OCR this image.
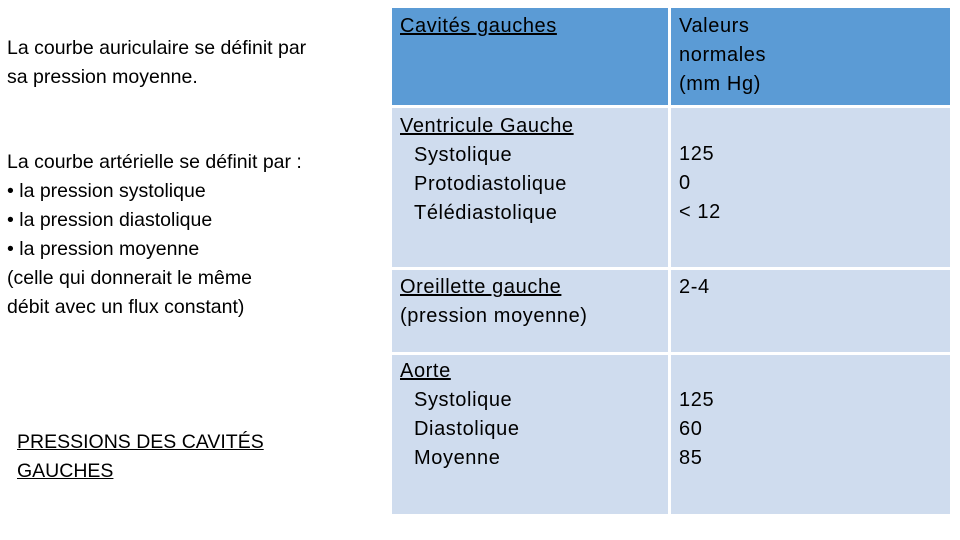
La courbe auriculaire se définit par
sa pression moyenne.
La courbe artérielle se définit par :
• la pression systolique
• la pression diastolique
• la pression moyenne
(celle qui donnerait le même
débit avec un flux constant)
PRESSIONS DES CAVITÉS
GAUCHES
Cavités gauches	Valeurs
normales
(mm Hg)
Ventricule Gauche
Systolique
Protodiastolique
Télédiastolique
125
0
< 12
Oreillette gauche
(pression moyenne)
2-4
Aorte
Systolique
Diastolique
Moyenne
125
60
85
